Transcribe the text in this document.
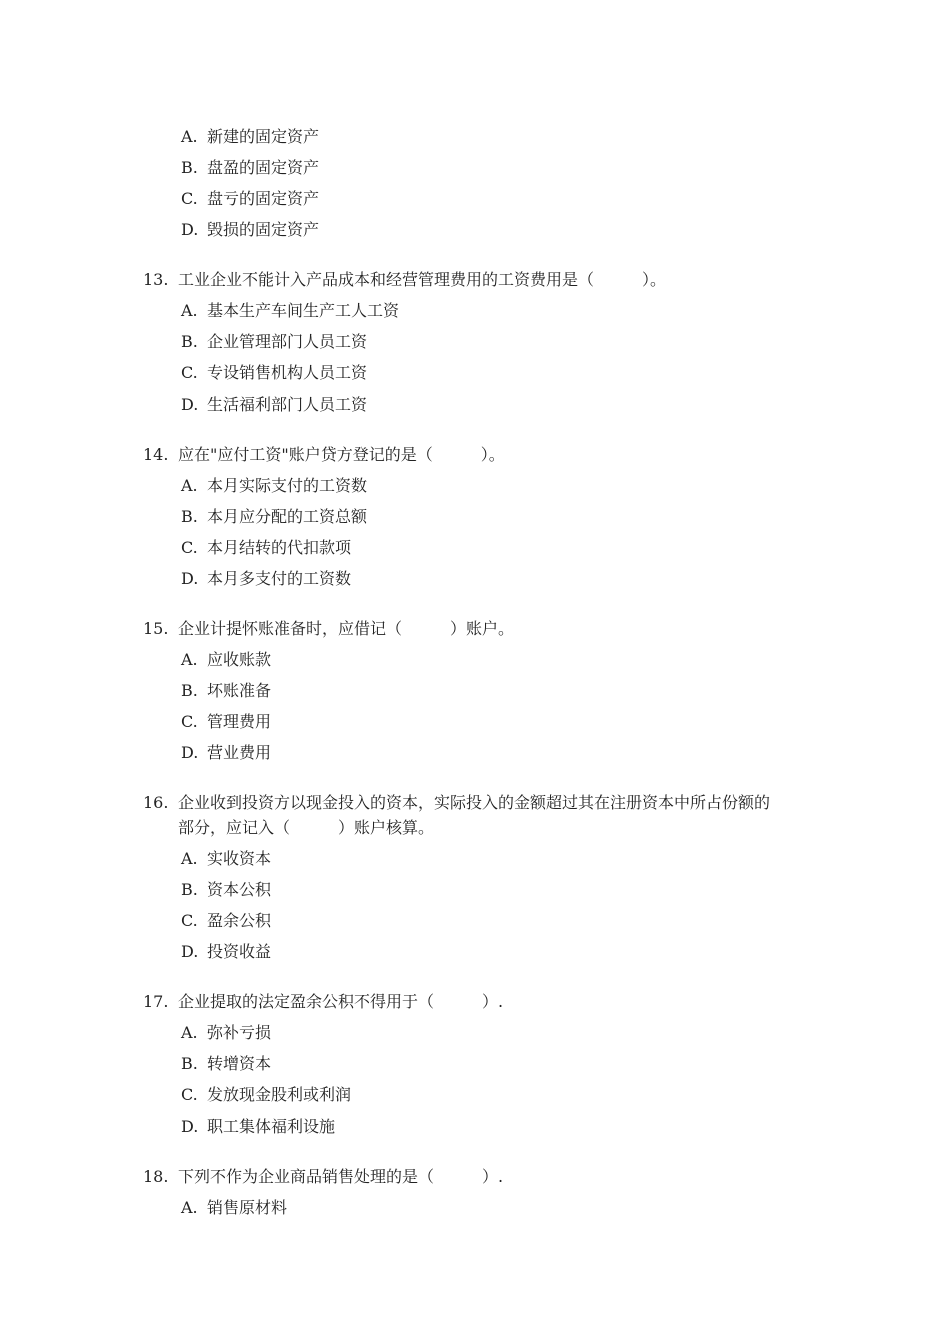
A. 新建的固定资产
B. 盘盈的固定资产
C. 盘亏的固定资产
D. 毁损的固定资产
13. 工业企业不能计入产品成本和经营管理费用的工资费用是（　　　）。
A. 基本生产车间生产工人工资
B. 企业管理部门人员工资
C. 专设销售机构人员工资
D. 生活福利部门人员工资
14. 应在"应付工资"账户贷方登记的是（　　　）。
A. 本月实际支付的工资数
B. 本月应分配的工资总额
C. 本月结转的代扣款项
D. 本月多支付的工资数
15. 企业计提怀账准备时，应借记（　　　）账户。
A. 应收账款
B. 坏账准备
C. 管理费用
D. 营业费用
16. 企业收到投资方以现金投入的资本，实际投入的金额超过其在注册资本中所占份额的
部分，应记入（　　　）账户核算。
A. 实收资本
B. 资本公积
C. 盈余公积
D. 投资收益
17. 企业提取的法定盈余公积不得用于（　　　）.
A. 弥补亏损
B. 转增资本
C. 发放现金股利或利润
D. 职工集体福利设施
18. 下列不作为企业商品销售处理的是（　　　）.
A. 销售原材料
